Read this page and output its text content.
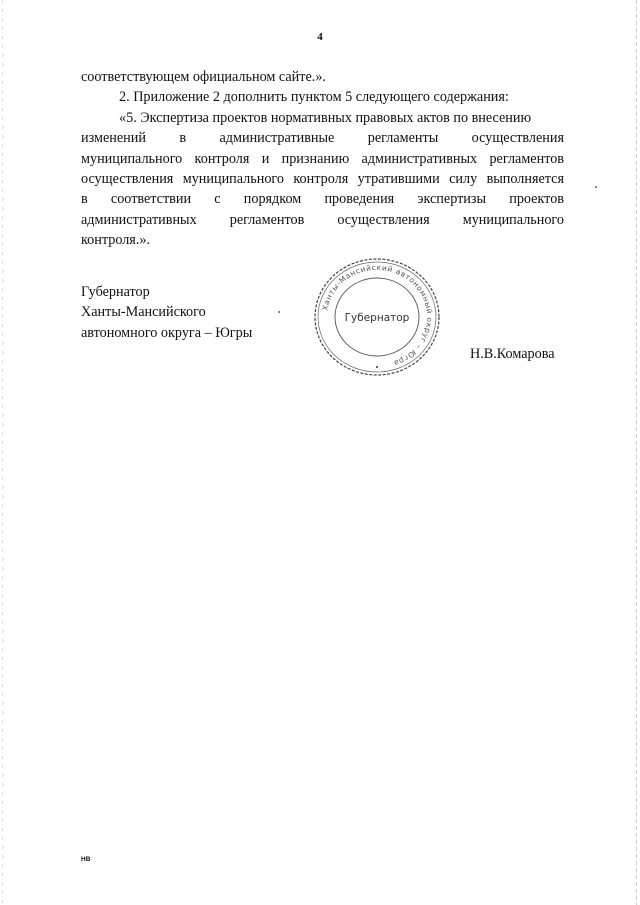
4
соответствующем официальном сайте.».
2. Приложение 2 дополнить пунктом 5 следующего содержания:
«5. Экспертиза проектов нормативных правовых актов по внесению
изменений в административные регламенты осуществления
муниципального контроля и признанию административных регламентов
осуществления муниципального контроля утратившими силу выполняется
в соответствии с порядком проведения экспертизы проектов
административных регламентов осуществления муниципального
контроля.».
Губернатор
Ханты-Мансийского
автономного округа – Югры
Ханты-Мансийский автономный округ – Югра
Губернатор
Н.В.Комарова
НВ
